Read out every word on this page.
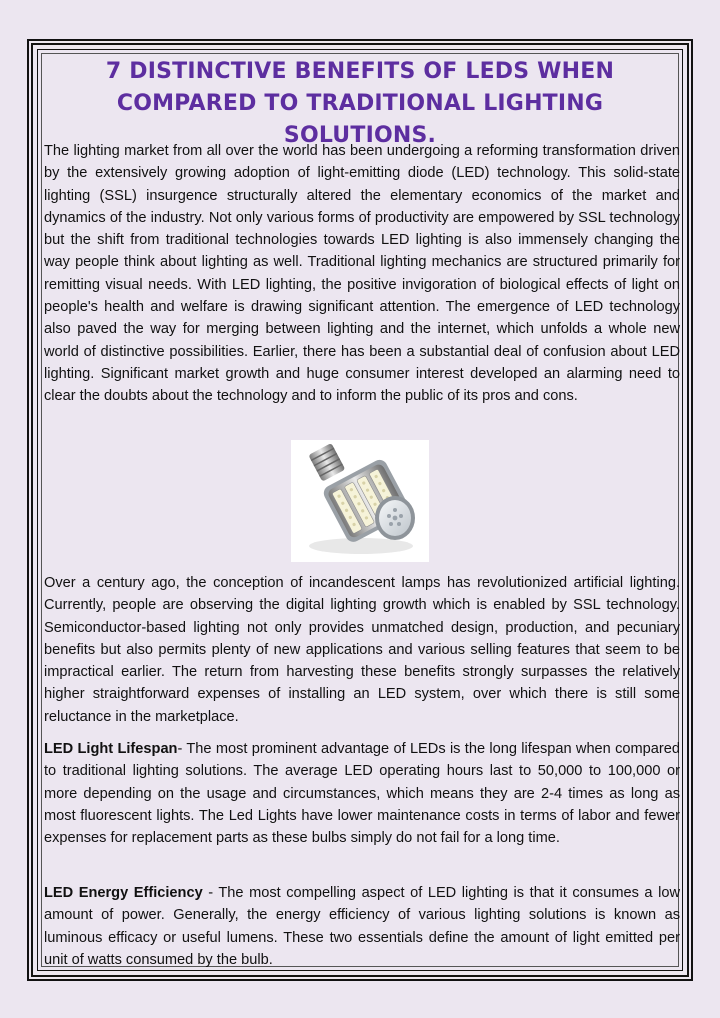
7 DISTINCTIVE BENEFITS OF LEDS WHEN COMPARED TO TRADITIONAL LIGHTING SOLUTIONS.

The lighting market from all over the world has been undergoing a reforming transformation driven by the extensively growing adoption of light-emitting diode (LED) technology. This solid-state lighting (SSL) insurgence structurally altered the elementary economics of the market and dynamics of the industry. Not only various forms of productivity are empowered by SSL technology but the shift from traditional technologies towards LED lighting is also immensely changing the way people think about lighting as well. Traditional lighting mechanics are structured primarily for remitting visual needs. With LED lighting, the positive invigoration of biological effects of light on people's health and welfare is drawing significant attention. The emergence of LED technology also paved the way for merging between lighting and the internet, which unfolds a whole new world of distinctive possibilities. Earlier, there has been a substantial deal of confusion about LED lighting. Significant market growth and huge consumer interest developed an alarming need to clear the doubts about the technology and to inform the public of its pros and cons.

Over a century ago, the conception of incandescent lamps has revolutionized artificial lighting. Currently, people are observing the digital lighting growth which is enabled by SSL technology. Semiconductor-based lighting not only provides unmatched design, production, and pecuniary benefits but also permits plenty of new applications and various selling features that seem to be impractical earlier. The return from harvesting these benefits strongly surpasses the relatively higher straightforward expenses of installing an LED system, over which there is still some reluctance in the marketplace.

LED Light Lifespan- The most prominent advantage of LEDs is the long lifespan when compared to traditional lighting solutions. The average LED operating hours last to 50,000 to 100,000 or more depending on the usage and circumstances, which means they are 2-4 times as long as most fluorescent lights. The Led Lights have lower maintenance costs in terms of labor and fewer expenses for replacement parts as these bulbs simply do not fail for a long time.

LED Energy Efficiency - The most compelling aspect of LED lighting is that it consumes a low amount of power. Generally, the energy efficiency of various lighting solutions is known as luminous efficacy or useful lumens. These two essentials define the amount of light emitted per unit of watts consumed by the bulb.
